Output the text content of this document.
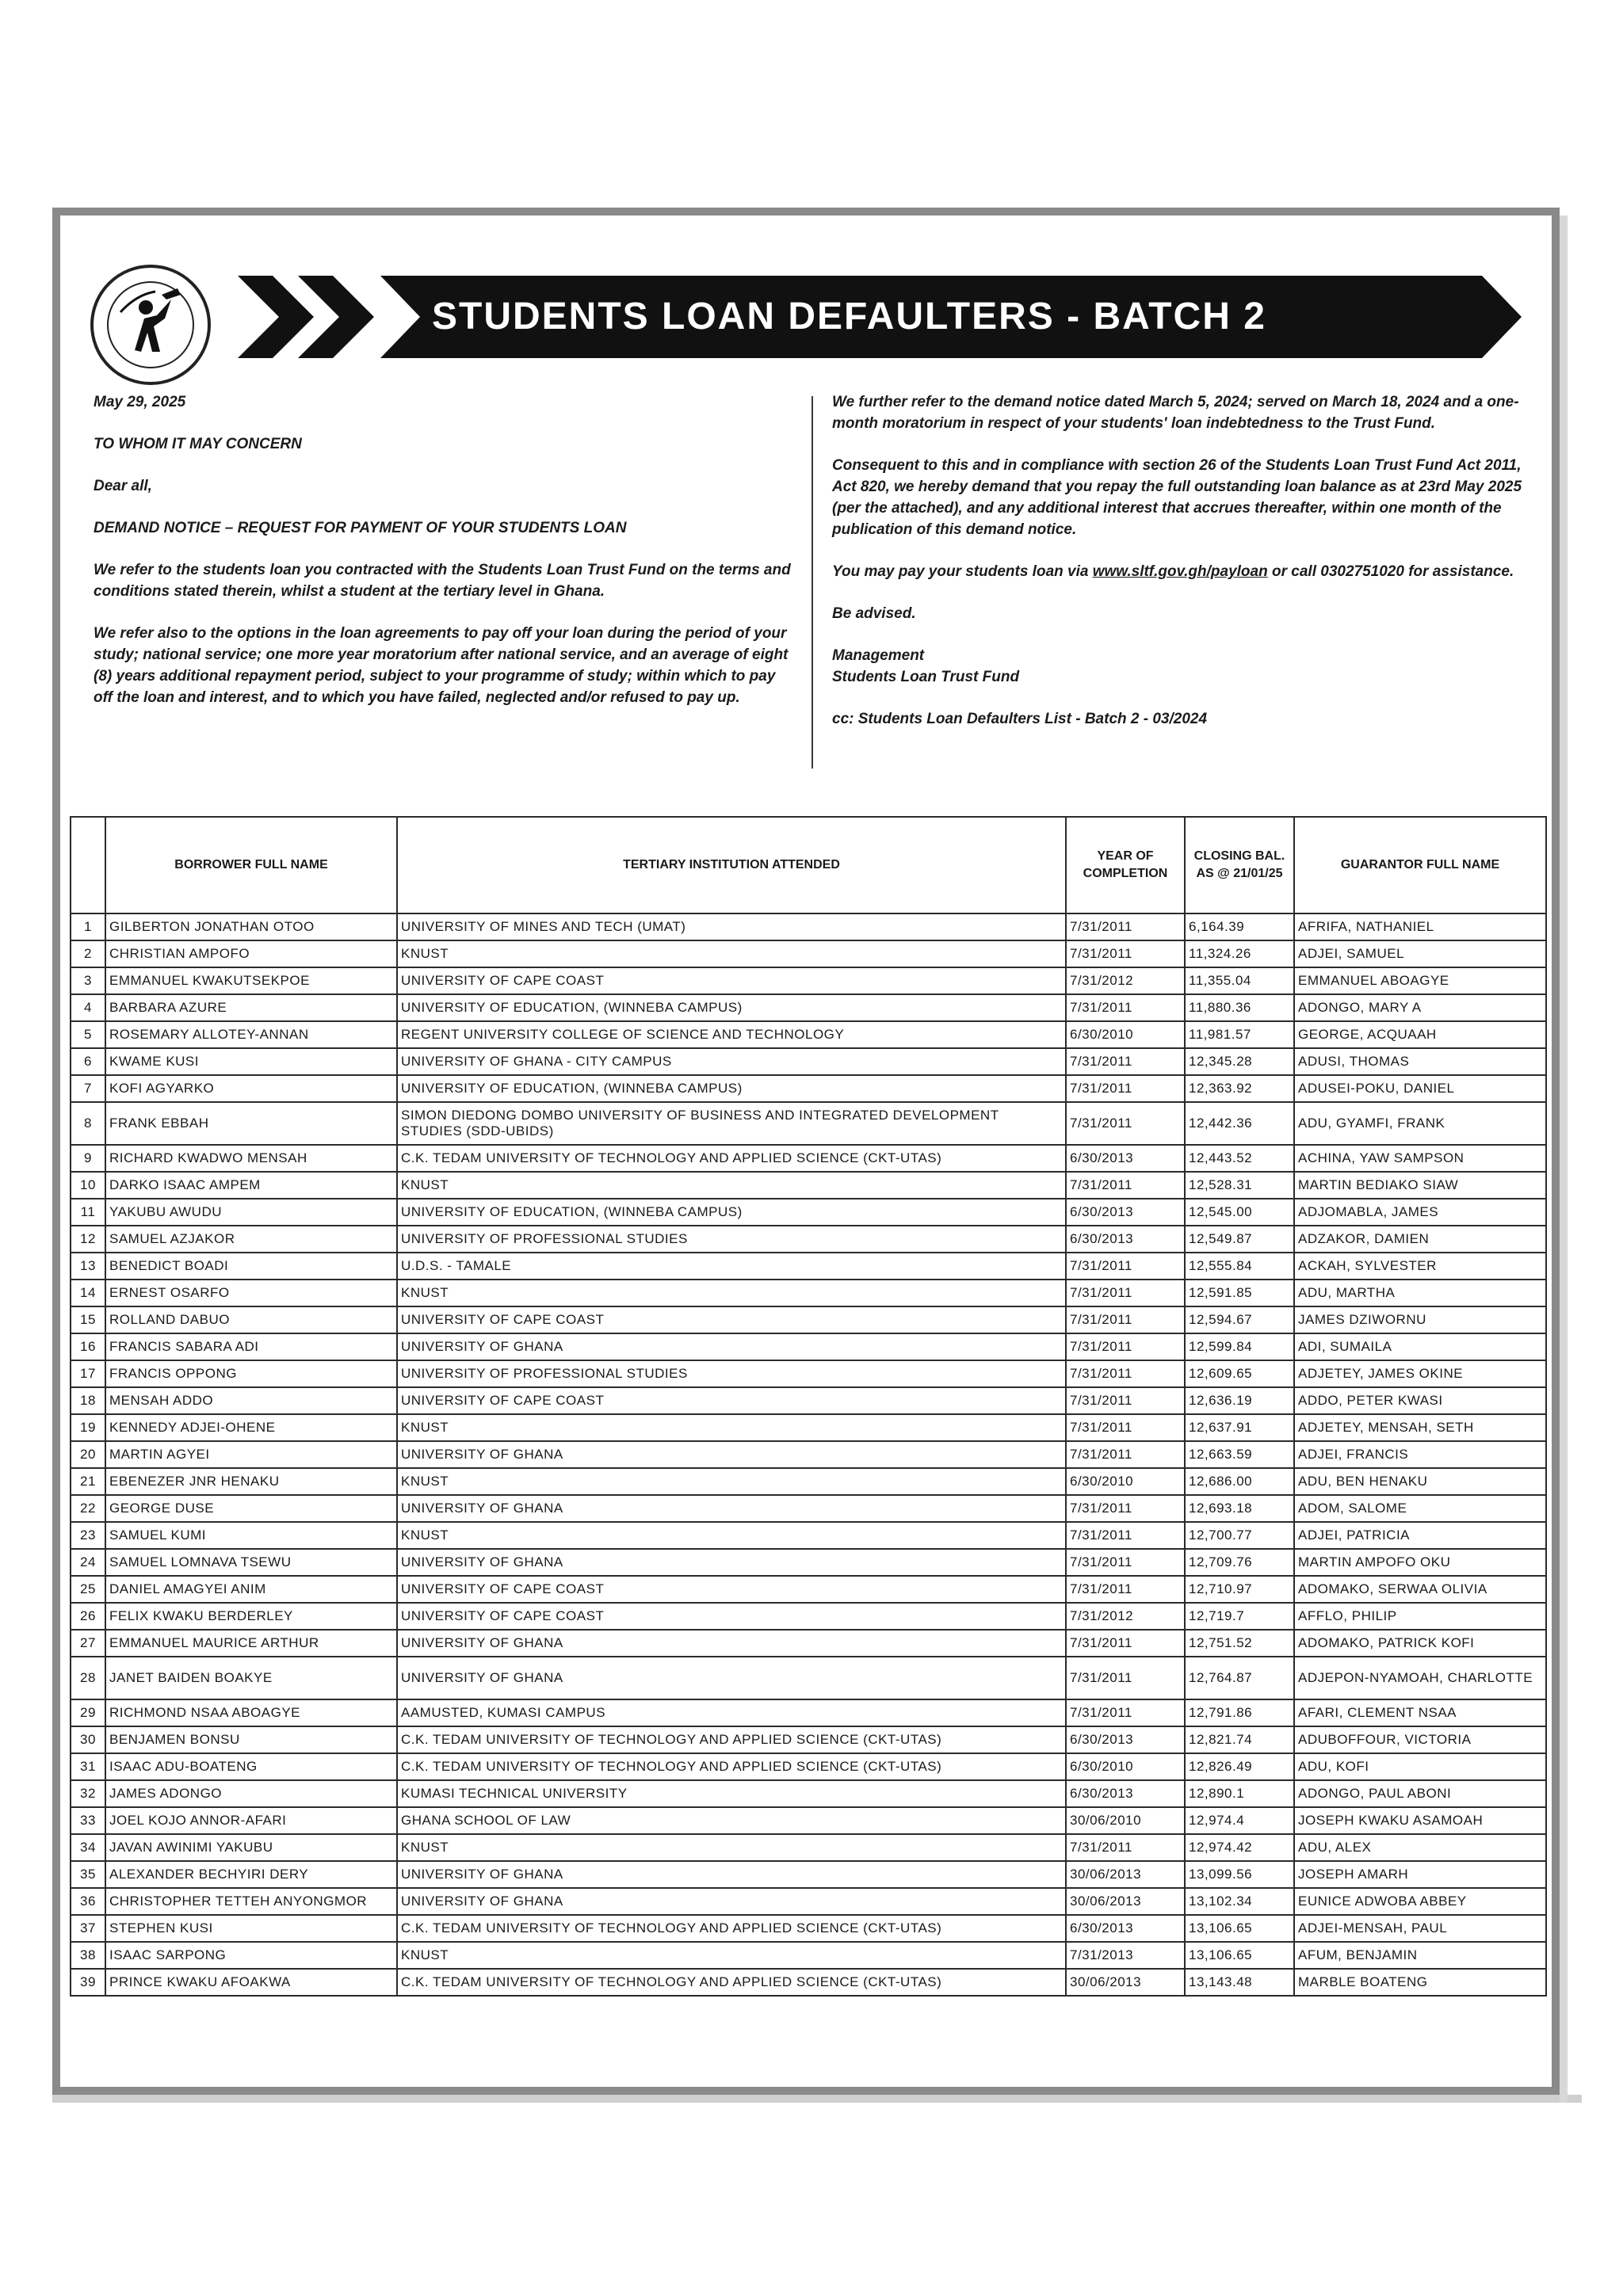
STUDENTS LOAN DEFAULTERS - BATCH 2

May 29, 2025

TO WHOM IT MAY CONCERN

Dear all,

DEMAND NOTICE – REQUEST FOR PAYMENT OF YOUR STUDENTS LOAN

We refer to the students loan you contracted with the Students Loan Trust Fund on the terms and conditions stated therein, whilst a student at the tertiary level in Ghana.

We refer also to the options in the loan agreements to pay off your loan during the period of your study; national service; one more year moratorium after national service, and an average of eight (8) years additional repayment period, subject to your programme of study; within which to pay off the loan and interest, and to which you have failed, neglected and/or refused to pay up.

We further refer to the demand notice dated March 5, 2024; served on March 18, 2024 and a one-month moratorium in respect of your students' loan indebtedness to the Trust Fund.

Consequent to this and in compliance with section 26 of the Students Loan Trust Fund Act 2011, Act 820, we hereby demand that you repay the full outstanding loan balance as at 23rd May 2025 (per the attached), and any additional interest that accrues thereafter, within one month of the publication of this demand notice.

You may pay your students loan via www.sltf.gov.gh/payloan or call 0302751020 for assistance.

Be advised.

Management

Students Loan Trust Fund

cc: Students Loan Defaulters List - Batch 2 - 03/2024

	BORROWER FULL NAME	TERTIARY INSTITUTION ATTENDED	YEAR OF COMPLETION	CLOSING BAL. AS @ 21/01/25	GUARANTOR FULL NAME
1	GILBERTON JONATHAN OTOO	UNIVERSITY OF MINES AND TECH (UMAT)	7/31/2011	6,164.39	AFRIFA, NATHANIEL
2	CHRISTIAN AMPOFO	KNUST	7/31/2011	11,324.26	ADJEI, SAMUEL
3	EMMANUEL KWAKUTSEKPOE	UNIVERSITY OF CAPE COAST	7/31/2012	11,355.04	EMMANUEL ABOAGYE
4	BARBARA AZURE	UNIVERSITY OF EDUCATION, (WINNEBA CAMPUS)	7/31/2011	11,880.36	ADONGO, MARY A
5	ROSEMARY ALLOTEY-ANNAN	REGENT UNIVERSITY COLLEGE OF SCIENCE AND TECHNOLOGY	6/30/2010	11,981.57	GEORGE, ACQUAAH
6	KWAME KUSI	UNIVERSITY OF GHANA - CITY CAMPUS	7/31/2011	12,345.28	ADUSI, THOMAS
7	KOFI AGYARKO	UNIVERSITY OF EDUCATION, (WINNEBA CAMPUS)	7/31/2011	12,363.92	ADUSEI-POKU, DANIEL
8	FRANK EBBAH	SIMON DIEDONG DOMBO UNIVERSITY OF BUSINESS AND INTEGRATED DEVELOPMENT STUDIES (SDD-UBIDS)	7/31/2011	12,442.36	ADU, GYAMFI, FRANK
9	RICHARD KWADWO MENSAH	C.K. TEDAM UNIVERSITY OF TECHNOLOGY AND APPLIED SCIENCE (CKT-UTAS)	6/30/2013	12,443.52	ACHINA, YAW SAMPSON
10	DARKO ISAAC AMPEM	KNUST	7/31/2011	12,528.31	MARTIN BEDIAKO SIAW
11	YAKUBU AWUDU	UNIVERSITY OF EDUCATION, (WINNEBA CAMPUS)	6/30/2013	12,545.00	ADJOMABLA, JAMES
12	SAMUEL AZJAKOR	UNIVERSITY OF PROFESSIONAL STUDIES	6/30/2013	12,549.87	ADZAKOR, DAMIEN
13	BENEDICT BOADI	U.D.S. - TAMALE	7/31/2011	12,555.84	ACKAH, SYLVESTER
14	ERNEST OSARFO	KNUST	7/31/2011	12,591.85	ADU, MARTHA
15	ROLLAND DABUO	UNIVERSITY OF CAPE COAST	7/31/2011	12,594.67	JAMES DZIWORNU
16	FRANCIS SABARA ADI	UNIVERSITY OF GHANA	7/31/2011	12,599.84	ADI, SUMAILA
17	FRANCIS OPPONG	UNIVERSITY OF PROFESSIONAL STUDIES	7/31/2011	12,609.65	ADJETEY, JAMES OKINE
18	MENSAH ADDO	UNIVERSITY OF CAPE COAST	7/31/2011	12,636.19	ADDO, PETER KWASI
19	KENNEDY ADJEI-OHENE	KNUST	7/31/2011	12,637.91	ADJETEY, MENSAH, SETH
20	MARTIN AGYEI	UNIVERSITY OF GHANA	7/31/2011	12,663.59	ADJEI, FRANCIS
21	EBENEZER JNR HENAKU	KNUST	6/30/2010	12,686.00	ADU, BEN HENAKU
22	GEORGE DUSE	UNIVERSITY OF GHANA	7/31/2011	12,693.18	ADOM, SALOME
23	SAMUEL KUMI	KNUST	7/31/2011	12,700.77	ADJEI, PATRICIA
24	SAMUEL LOMNAVA TSEWU	UNIVERSITY OF GHANA	7/31/2011	12,709.76	MARTIN AMPOFO OKU
25	DANIEL AMAGYEI ANIM	UNIVERSITY OF CAPE COAST	7/31/2011	12,710.97	ADOMAKO, SERWAA OLIVIA
26	FELIX KWAKU BERDERLEY	UNIVERSITY OF CAPE COAST	7/31/2012	12,719.7	AFFLO, PHILIP
27	EMMANUEL MAURICE ARTHUR	UNIVERSITY OF GHANA	7/31/2011	12,751.52	ADOMAKO, PATRICK KOFI
28	JANET BAIDEN BOAKYE	UNIVERSITY OF GHANA	7/31/2011	12,764.87	ADJEPON-NYAMOAH, CHARLOTTE
29	RICHMOND NSAA ABOAGYE	AAMUSTED, KUMASI CAMPUS	7/31/2011	12,791.86	AFARI, CLEMENT NSAA
30	BENJAMEN BONSU	C.K. TEDAM UNIVERSITY OF TECHNOLOGY AND APPLIED SCIENCE (CKT-UTAS)	6/30/2013	12,821.74	ADUBOFFOUR, VICTORIA
31	ISAAC ADU-BOATENG	C.K. TEDAM UNIVERSITY OF TECHNOLOGY AND APPLIED SCIENCE (CKT-UTAS)	6/30/2010	12,826.49	ADU, KOFI
32	JAMES ADONGO	KUMASI TECHNICAL UNIVERSITY	6/30/2013	12,890.1	ADONGO, PAUL ABONI
33	JOEL KOJO ANNOR-AFARI	GHANA SCHOOL OF LAW	30/06/2010	12,974.4	JOSEPH KWAKU ASAMOAH
34	JAVAN AWINIMI YAKUBU	KNUST	7/31/2011	12,974.42	ADU, ALEX
35	ALEXANDER BECHYIRI DERY	UNIVERSITY OF GHANA	30/06/2013	13,099.56	JOSEPH AMARH
36	CHRISTOPHER TETTEH ANYONGMOR	UNIVERSITY OF GHANA	30/06/2013	13,102.34	EUNICE ADWOBA ABBEY
37	STEPHEN KUSI	C.K. TEDAM UNIVERSITY OF TECHNOLOGY AND APPLIED SCIENCE (CKT-UTAS)	6/30/2013	13,106.65	ADJEI-MENSAH, PAUL
38	ISAAC SARPONG	KNUST	7/31/2013	13,106.65	AFUM, BENJAMIN
39	PRINCE KWAKU AFOAKWA	C.K. TEDAM UNIVERSITY OF TECHNOLOGY AND APPLIED SCIENCE (CKT-UTAS)	30/06/2013	13,143.48	MARBLE BOATENG
